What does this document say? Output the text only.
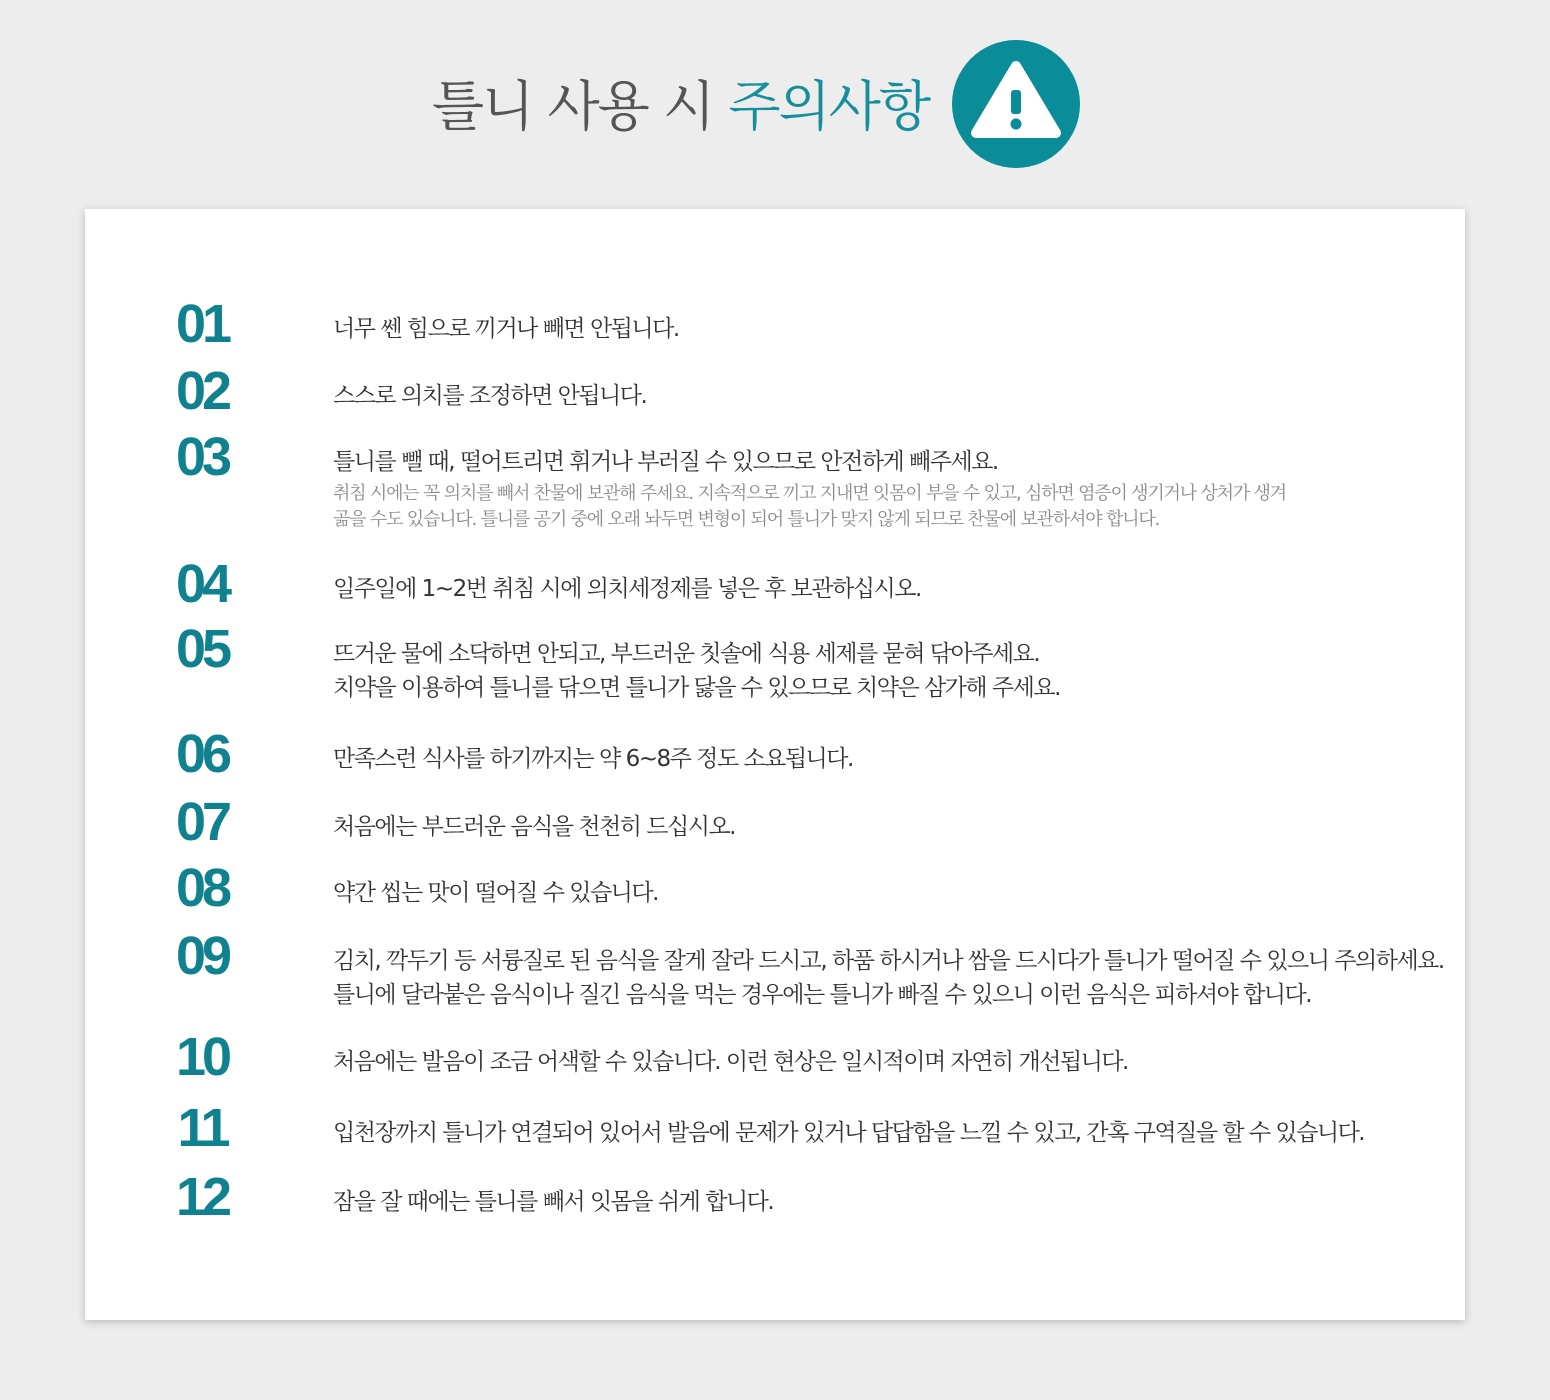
틀니 사용 시 주의사항
01	너무 쎈 힘으로 끼거나 빼면 안됩니다.
02	스스로 의치를 조정하면 안됩니다.
03	틀니를 뺄 때, 떨어트리면 휘거나 부러질 수 있으므로 안전하게 빼주세요.
취침 시에는 꼭 의치를 빼서 찬물에 보관해 주세요. 지속적으로 끼고 지내면 잇몸이 부을 수 있고, 심하면 염증이 생기거나 상처가 생겨
곪을 수도 있습니다. 틀니를 공기 중에 오래 놔두면 변형이 되어 틀니가 맞지 않게 되므로 찬물에 보관하셔야 합니다.
04	일주일에 1~2번 취침 시에 의치세정제를 넣은 후 보관하십시오.
05	뜨거운 물에 소닥하면 안되고, 부드러운 칫솔에 식용 세제를 묻혀 닦아주세요.
치약을 이용하여 틀니를 닦으면 틀니가 닳을 수 있으므로 치약은 삼가해 주세요.
06	만족스런 식사를 하기까지는 약 6~8주 정도 소요됩니다.
07	처음에는 부드러운 음식을 천천히 드십시오.
08	약간 씹는 맛이 떨어질 수 있습니다.
09	김치, 깍두기 등 서륭질로 된 음식을 잘게 잘라 드시고, 하품 하시거나 쌈을 드시다가 틀니가 떨어질 수 있으니 주의하세요.
틀니에 달라붙은 음식이나 질긴 음식을 먹는 경우에는 틀니가 빠질 수 있으니 이런 음식은 피하셔야 합니다.
10	처음에는 발음이 조금 어색할 수 있습니다. 이런 현상은 일시적이며 자연히 개선됩니다.
11	입천장까지 틀니가 연결되어 있어서 발음에 문제가 있거나 답답함을 느낄 수 있고, 간혹 구역질을 할 수 있습니다.
12	잠을 잘 때에는 틀니를 빼서 잇몸을 쉬게 합니다.
